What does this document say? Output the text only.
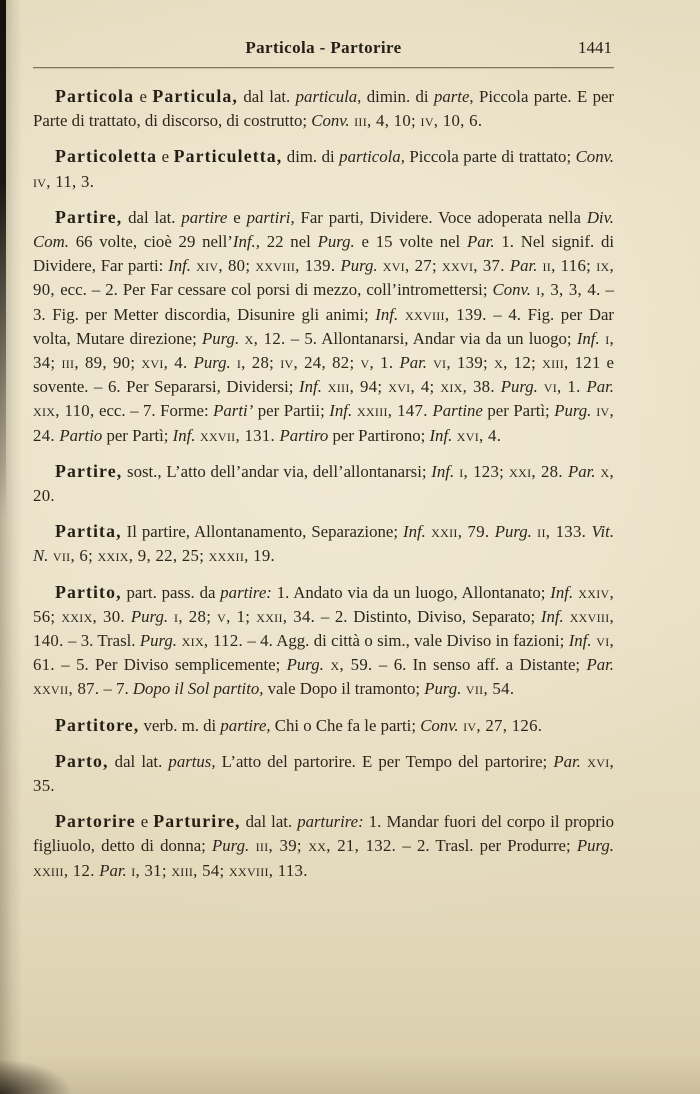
Particola - Partorire	1441

Particola e Particula, dal lat. particula, dimin. di parte, Piccola parte. E per Parte di trattato, di discorso, di costrutto; Conv. iii, 4, 10; iv, 10, 6.

Particoletta e Particuletta, dim. di particola, Piccola parte di trattato; Conv. iv, 11, 3.

Partire, dal lat. partire e partiri, Far parti, Dividere. Voce adoperata nella Div. Com. 66 volte, cioè 29 nell’Inf., 22 nel Purg. e 15 volte nel Par. 1. Nel signif. di Dividere, Far parti: Inf. xiv, 80; xxviii, 139. Purg. xvi, 27; xxvi, 37. Par. ii, 116; ix, 90, ecc. – 2. Per Far cessare col porsi di mezzo, coll’intromettersi; Conv. i, 3, 3, 4. – 3. Fig. per Metter discordia, Disunire gli animi; Inf. xxviii, 139. – 4. Fig. per Dar volta, Mutare direzione; Purg. x, 12. – 5. Allontanarsi, Andar via da un luogo; Inf. i, 34; iii, 89, 90; xvi, 4. Purg. i, 28; iv, 24, 82; v, 1. Par. vi, 139; x, 12; xiii, 121 e sovente. – 6. Per Separarsi, Dividersi; Inf. xiii, 94; xvi, 4; xix, 38. Purg. vi, 1. Par. xix, 110, ecc. – 7. Forme: Parti’ per Partii; Inf. xxiii, 147. Partine per Partì; Purg. iv, 24. Partio per Partì; Inf. xxvii, 131. Partiro per Partirono; Inf. xvi, 4.

Partire, sost., L’atto dell’andar via, dell’allontanarsi; Inf. i, 123; xxi, 28. Par. x, 20.

Partita, Il partire, Allontanamento, Separazione; Inf. xxii, 79. Purg. ii, 133. Vit. N. vii, 6; xxix, 9, 22, 25; xxxii, 19.

Partito, part. pass. da partire: 1. Andato via da un luogo, Allontanato; Inf. xxiv, 56; xxix, 30. Purg. i, 28; v, 1; xxii, 34. – 2. Distinto, Diviso, Separato; Inf. xxviii, 140. – 3. Trasl. Purg. xix, 112. – 4. Agg. di città o sim., vale Diviso in fazioni; Inf. vi, 61. – 5. Per Diviso semplicemente; Purg. x, 59. – 6. In senso aff. a Distante; Par. xxvii, 87. – 7. Dopo il Sol partito, vale Dopo il tramonto; Purg. vii, 54.

Partitore, verb. m. di partire, Chi o Che fa le parti; Conv. iv, 27, 126.

Parto, dal lat. partus, L’atto del partorire. E per Tempo del partorire; Par. xvi, 35.

Partorire e Parturire, dal lat. parturire: 1. Mandar fuori del corpo il proprio figliuolo, detto di donna; Purg. iii, 39; xx, 21, 132. – 2. Trasl. per Produrre; Purg. xxiii, 12. Par. i, 31; xiii, 54; xxviii, 113.
